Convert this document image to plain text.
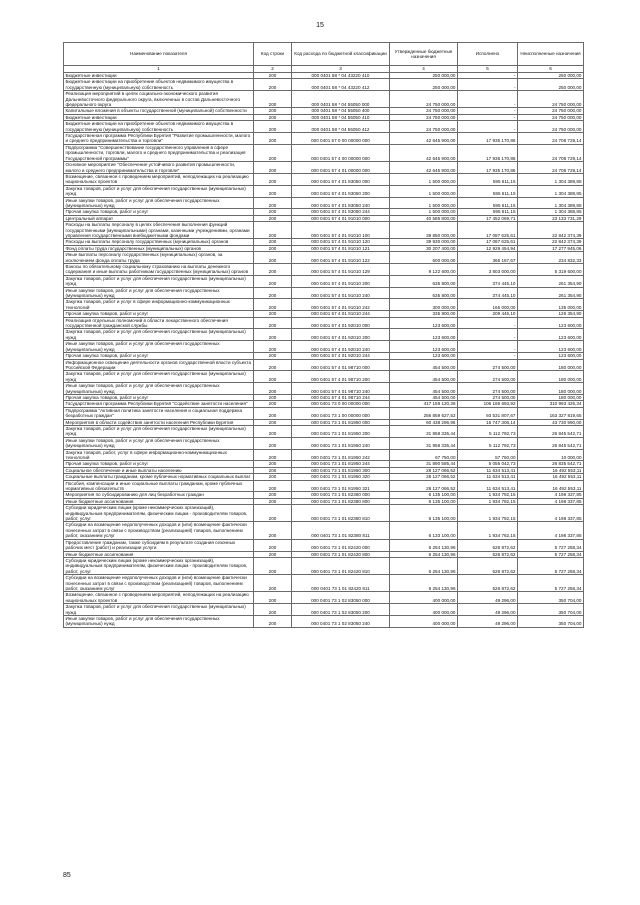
15
Наименование показателя	Код строки	Код расхода по бюджетной классификации	Утвержденные бюджетные назначения	Исполнено	Неисполненные назначения
1	2	3	4	5	6
Бюджетные инвестиции	200	000 0401 58 * 04 43220 410	250 000,00	-	250 000,00
Бюджетные инвестиции на приобретение объектов недвижимого имущества в государственную (муниципальную) собственность	200	000 0401 58 * 04 43220 412	250 000,00	-	250 000,00
Реализация мероприятий в целях социально-экономического развития Дальневосточного федерального округа, включенных в состав Дальневосточного федерального округа	200	000 0401 58 * 04 55050 000	24 750 000,00	-	24 750 000,00
Капитальные вложения в объекты государственной (муниципальной) собственности	200	000 0401 58 * 04 55050 400	24 750 000,00	-	24 750 000,00
Бюджетные инвестиции	200	000 0401 58 * 04 55050 410	24 750 000,00	-	24 750 000,00
Бюджетные инвестиции на приобретение объектов недвижимого имущества в государственную (муниципальную) собственность	200	000 0401 58 * 04 55050 412	24 750 000,00	-	24 750 000,00
Государственная программа Республики Бурятия "Развитие промышленности, малого и среднего предпринимательства и торговли"	200	000 0401 57 0 00 00000 000	42 645 900,00	17 935 170,86	24 708 729,14
Подпрограмма "Совершенствование государственного управления в сфере промышленности, торговли, малого и среднего предпринимательства и реализация Государственной программы"	200	000 0401 57 4 00 00000 000	42 645 900,00	17 936 170,86	24 708 729,14
Основное мероприятие "Обеспечение устойчивого развития промышленности, малого и среднего предпринимательства и торговли"	200	000 0401 57 4 01 00000 000	42 645 900,00	17 935 170,86	24 708 729,14
Возмещение, связанное с проведением мероприятий, неподлежащих на реализацию национальных проектов	200	000 0401 57 4 01 83050 000	1 500 000,00	595 611,15	1 304 388,85
Закупка товаров, работ и услуг для обеспечения государственных (муниципальных) нужд	200	000 0401 57 4 01 83050 200	1 500 000,00	595 611,15	1 304 388,85
Иные закупки товаров, работ и услуг для обеспечения государственных (муниципальных) нужд	200	000 0401 57 4 01 83050 240	1 500 000,00	595 611,15	1 304 388,85
Прочая закупка товаров, работ и услуг	200	000 0401 57 4 01 83050 244	1 500 000,00	595 611,15	1 304 388,85
Центральный аппарат	200	000 0401 57 4 01 91010 000	40 585 800,00	17 452 069,71	23 133 731,29
Расходы на выплаты персоналу в целях обеспечения выполнения функций государственными (муниципальными) органами, казенными учреждениями, органами управления государственными внебюджетными фондами	200	000 0401 57 4 01 91010 100	39 850 000,00	17 087 625,61	22 842 374,39
Расходы на выплаты персоналу государственных (муниципальных) органов	200	000 0401 57 4 01 91010 120	39 930 000,00	17 087 625,61	22 842 374,39
Фонд оплаты труда государственных (муниципальных) органов	200	000 0401 57 4 01 91010 121	30 207 400,00	12 929 454,94	17 277 945,06
Иные выплаты персоналу государственных (муниципальных) органов, за исключением фонда оплаты труда	200	000 0401 57 4 01 91010 122	600 000,00	365 167,67	234 832,33
Взносы по обязательному социальному страхованию на выплаты денежного содержания и иные выплаты работникам государственных (муниципальных) органов	200	000 0401 57 4 01 91010 129	9 122 600,00	3 803 000,00	5 319 600,00
Закупка товаров, работ и услуг для обеспечения государственных (муниципальных) нужд	200	000 0401 57 4 01 91010 200	635 800,00	374 445,10	261 354,90
Иные закупки товаров, работ и услуг для обеспечения государственных (муниципальных) нужд	200	000 0401 57 4 01 91010 240	635 800,00	374 445,10	261 354,90
Закупка товаров, работ и услуг в сфере информационно-коммуникационных технологий	200	000 0401 57 4 01 91010 242	300 000,00	165 000,00	135 000,00
Прочая закупка товаров, работ и услуг	200	000 0401 57 4 01 91010 244	335 800,00	209 445,10	126 354,90
Реализация отдельных полномочий в области лекарственного обеспечения государственной гражданской службы	200	000 0401 57 4 01 92010 000	123 600,00	-	123 600,00
Закупка товаров, работ и услуг для обеспечения государственных (муниципальных) нужд	200	000 0401 57 4 01 92010 200	123 600,00	-	123 600,00
Иные закупки товаров, работ и услуг для обеспечения государственных (муниципальных) нужд	200	000 0401 57 4 01 92010 240	123 600,00	-	123 600,00
Прочая закупка товаров, работ и услуг	200	000 0401 57 4 01 92010 244	123 600,00	-	123 600,00
Информационное освещение деятельности органов государственной власти субъекта Российской Федерации	200	000 0401 57 4 01 98710 000	454 500,00	274 500,00	180 000,00
Закупка товаров, работ и услуг для обеспечения государственных (муниципальных) нужд	200	000 0401 57 4 01 98710 200	454 500,00	274 500,00	180 000,00
Иные закупки товаров, работ и услуг для обеспечения государственных (муниципальных) нужд	200	000 0401 57 4 01 98710 240	454 500,00	274 500,00	180 000,00
Прочая закупка товаров, работ и услуг	200	000 0401 57 4 01 98710 244	454 500,00	274 500,00	180 000,00
Государственная программа Республики Бурятия "Содействие занятости населения"	200	000 0401 73 0 00 00000 000	417 159 120,36	106 166 693,92	310 993 426,34
Подпрограмма "Активная политика занятости населения и социальная поддержка безработных граждан"	200	000 0401 73 1 00 00000 000	256 859 627,52	93 531 807,67	163 327 819,65
Мероприятия в области содействия занятости населения Республики Бурятия	200	000 0401 73 1 01 81950 000	60 438 296,96	16 747 306,14	43 730 990,00
Закупка товаров, работ и услуг для обеспечения государственных (муниципальных) нужд	200	000 0401 73 1 01 81950 200	31 958 335,44	5 112 792,73	26 845 542,71
Иные закупки товаров, работ и услуг для обеспечения государственных (муниципальных) нужд	200	000 0401 73 1 01 81950 240	31 958 335,44	5 112 792,73	26 845 542,71
Закупка товаров, работ, услуг в сфере информационно-коммуникационных технологий	200	000 0401 73 1 01 81950 242	67 750,00	57 750,00	10 000,00
Прочая закупка товаров, работ и услуг	200	000 0401 73 1 01 81950 244	31 890 585,44	5 055 042,73	26 835 542,71
Социальное обеспечение и иные выплаты населению	200	000 0401 73 1 01 81950 300	28 127 066,52	11 634 513,41	16 492 553,11
Социальные выплаты гражданам, кроме публичных нормативных социальных выплат	200	000 0401 73 1 01 81950 320	28 127 066,52	11 634 513,41	16 492 553,11
Пособия, компенсации и иные социальные выплаты гражданам, кроме публичных нормативных обязательств	200	000 0401 73 1 01 81950 321	28 127 066,52	11 634 513,41	16 492 553,11
Мероприятия по субсидированию для лиц безработных граждан	200	000 0401 73 1 01 82380 000	6 135 100,00	1 934 792,15	4 198 337,85
Иные бюджетные ассигнования	200	000 0401 73 1 01 82380 800	6 135 100,00	1 934 792,15	4 198 337,85
Субсидии юридическим лицам (кроме некоммерческих организаций), индивидуальным предпринимателям, физическим лицам - производителям товаров, работ, услуг	200	000 0401 73 1 01 82380 810	6 135 100,00	1 934 792,15	4 198 337,85
Субсидии на возмещение недополученных доходов и (или) возмещение фактически понесенных затрат в связи с производством (реализацией) товаров, выполнением работ, оказанием услуг	200	000 0401 73 1 01 82380 811	6 133 100,00	1 934 762,15	4 198 337,85
Предоставление гражданам, также субсидиям в результате создания сезонных рабочих мест (работ) и реализации услуги	200	000 0401 73 1 01 82420 000	6 254 130,96	526 872,62	5 727 258,34
Иные бюджетные ассигнования	200	000 0401 73 1 01 82420 800	6 254 130,96	526 872,62	5 727 258,34
Субсидии юридическим лицам (кроме некоммерческих организаций), индивидуальным предпринимателям, физическим лицам - производителям товаров, работ, услуг	200	000 0401 73 1 01 82420 810	6 254 130,96	526 872,62	5 727 258,34
Субсидии на возмещение недополученных доходов и (или) возмещение фактически понесенных затрат в связи с производством (реализацией) товаров, выполнением работ, оказанием услуг	200	000 0401 73 1 01 82420 811	6 254 130,96	526 872,62	5 727 258,34
Возмещение, связанное с проведением мероприятий, неподлежащих на реализацию национальных проектов	200	000 0401 73 1 02 83050 000	400 000,00	49 296,00	350 704,00
Закупка товаров, работ и услуг для обеспечения государственных (муниципальных) нужд	200	000 0401 73 1 02 83050 200	400 000,00	49 296,00	350 704,00
Иные закупки товаров, работ и услуг для обеспечения государственных (муниципальных) нужд	200	000 0401 73 1 02 83050 240	400 000,00	49 296,00	350 704,00
85
